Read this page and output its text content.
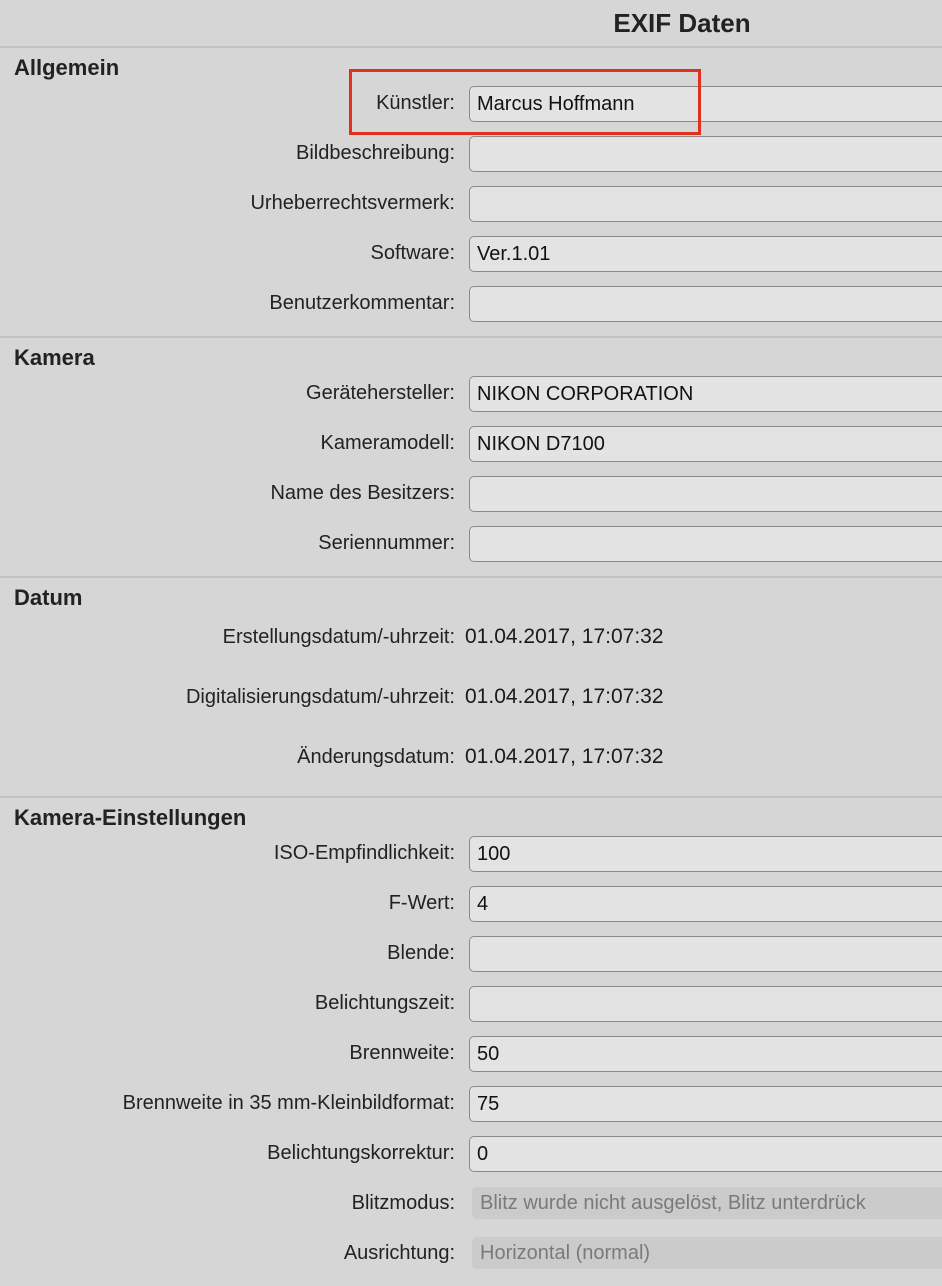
EXIF Daten
Allgemein
Künstler:	Marcus Hoffmann
Bildbeschreibung:
Urheberrechtsvermerk:
Software:	Ver.1.01
Benutzerkommentar:
Kamera
Gerätehersteller:	NIKON CORPORATION
Kameramodell:	NIKON D7100
Name des Besitzers:
Seriennummer:
Datum
Erstellungsdatum/-uhrzeit: 01.04.2017, 17:07:32
Digitalisierungsdatum/-uhrzeit: 01.04.2017, 17:07:32
Änderungsdatum: 01.04.2017, 17:07:32
Kamera-Einstellungen
ISO-Empfindlichkeit:	100
F-Wert:	4
Blende:
Belichtungszeit:
Brennweite:	50
Brennweite in 35 mm-Kleinbildformat:	75
Belichtungskorrektur:	0
Blitzmodus:	Blitz wurde nicht ausgelöst, Blitz unterdrück
Ausrichtung:	Horizontal (normal)
